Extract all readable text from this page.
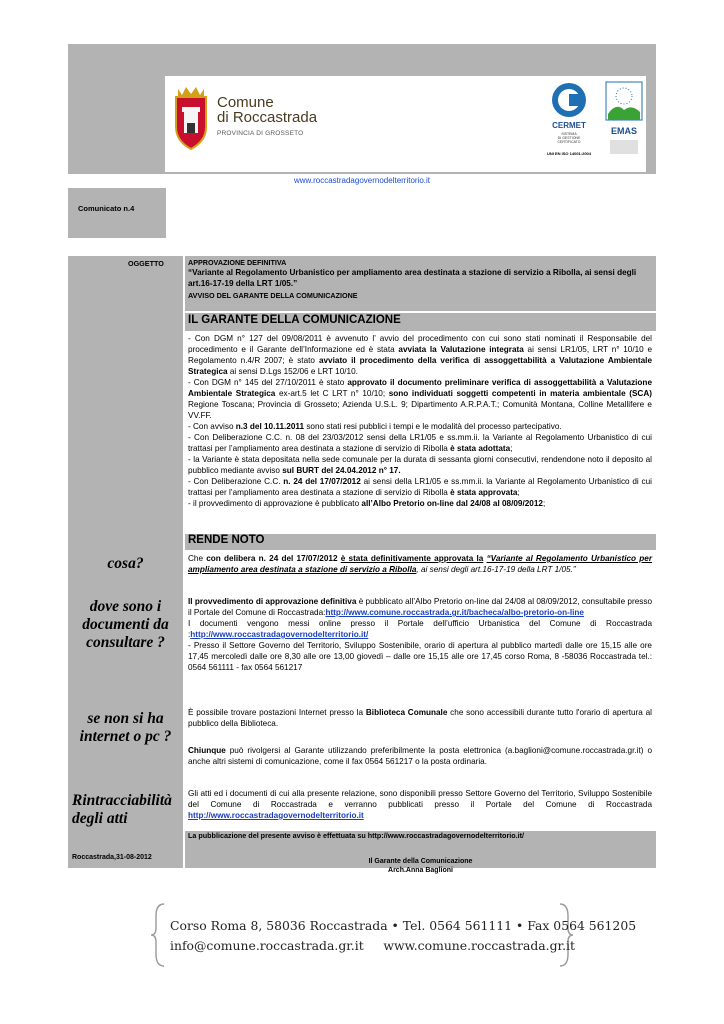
Comune
di Roccastrada
PROVINCIA DI GROSSETO
CERMET
SISTEMA
DI GESTIONE
CERTIFICATO
UNI EN ISO 14001:2004
EMAS
www.roccastradagovernodelterritorio.it
Comunicato n.4
OGGETTO	APPROVAZIONE DEFINITIVA
“Variante al Regolamento Urbanistico per ampliamento area destinata a stazione di servizio a Ribolla, ai sensi degli art.16-17-19 della LRT 1/05.”
AVVISO DEL GARANTE DELLA COMUNICAZIONE
IL GARANTE DELLA COMUNICAZIONE

- Con DGM n° 127 del 09/08/2011 è avvenuto l’ avvio del procedimento con cui sono stati nominati il Responsabile del procedimento e il Garante dell’Informazione ed è stata avviata la Valutazione integrata ai sensi LR1/05, LRT n° 10/10 e Regolamento n.4/R 2007; è stato avviato il procedimento della verifica di assoggettabilità a Valutazione Ambientale Strategica ai sensi D.Lgs 152/06 e LRT 10/10.

- Con DGM n° 145 del 27/10/2011 è stato approvato il documento preliminare verifica di assoggettabilità a Valutazione Ambientale Strategica ex-art.5 let C LRT n° 10/10; sono individuati soggetti competenti in materia ambientale (SCA) Regione Toscana; Provincia di Grosseto; Azienda U.S.L. 9; Dipartimento A.R.P.A.T.; Comunità Montana, Colline Metallifere e VV.FF.

- Con avviso n.3 del 10.11.2011 sono stati resi pubblici i tempi e le modalità del processo partecipativo.

- Con Deliberazione C.C. n. 08 del 23/03/2012 sensi della LR1/05 e ss.mm.ii. la Variante al Regolamento Urbanistico di cui trattasi per l’ampliamento area destinata a stazione di servizio di Ribolla è stata adottata;

- la Variante è stata depositata nella sede comunale per la durata di sessanta giorni consecutivi, rendendone noto il deposito al pubblico mediante avviso sul BURT del 24.04.2012 n° 17.

- Con Deliberazione C.C. n. 24 del 17/07/2012 ai sensi della LR1/05 e ss.mm.ii. la Variante al Regolamento Urbanistico di cui trattasi per l’ampliamento area destinata a stazione di servizio di Ribolla è stata approvata;

- il provvedimento di approvazione è pubblicato all’Albo Pretorio on-line dal 24/08 al 08/09/2012;

RENDE NOTO
cosa?
dove sono i documenti da consultare ?
se non si ha internet o pc ?
Rintracciabilità degli atti
Che con delibera n. 24 del 17/07/2012 è stata definitivamente approvata la “Variante al Regolamento Urbanistico per ampliamento area destinata a stazione di servizio a Ribolla, ai sensi degli art.16-17-19 della LRT 1/05.”
Il provvedimento di approvazione definitiva è pubblicato all’Albo Pretorio on-line dal 24/08 al 08/09/2012, consultabile presso il Portale del Comune di Roccastrada:http://www.comune.roccastrada.gr.it/bacheca/albo-pretorio-on-line
I documenti vengono messi online presso il Portale dell’ufficio Urbanistica del Comune di Roccastrada :http://www.roccastradagovernodelterritorio.it/
- Presso il Settore Governo del Territorio, Sviluppo Sostenibile, orario di apertura al pubblico martedì dalle ore 15,15 alle ore 17,45 mercoledì dalle ore 8,30 alle ore 13,00 giovedì – dalle ore 15,15 alle ore 17,45 corso Roma, 8 -58036 Roccastrada tel.: 0564 561111 - fax 0564 561217
È possibile trovare postazioni Internet presso la Biblioteca Comunale che sono accessibili durante tutto l'orario di apertura al pubblico della Biblioteca.
Chiunque può rivolgersi al Garante utilizzando preferibilmente la posta elettronica (a.baglioni@comune.roccastrada.gr.it) o anche altri sistemi di comunicazione, come il fax 0564 561217 o la posta ordinaria.
Gli atti ed i documenti di cui alla presente relazione, sono disponibili presso Settore Governo del Territorio, Sviluppo Sostenibile del Comune di Roccastrada e verranno pubblicati presso il Portale del Comune di Roccastrada http://www.roccastradagovernodelterritorio.it
La pubblicazione del presente avviso è effettuata su http://www.roccastradagovernodelterritorio.it/
Il Garante della Comunicazione
Arch.Anna Baglioni
Roccastrada,31-08-2012
Corso Roma 8, 58036 Roccastrada • Tel. 0564 561111 • Fax 0564 561205
info@comune.roccastrada.gr.it     www.comune.roccastrada.gr.it
